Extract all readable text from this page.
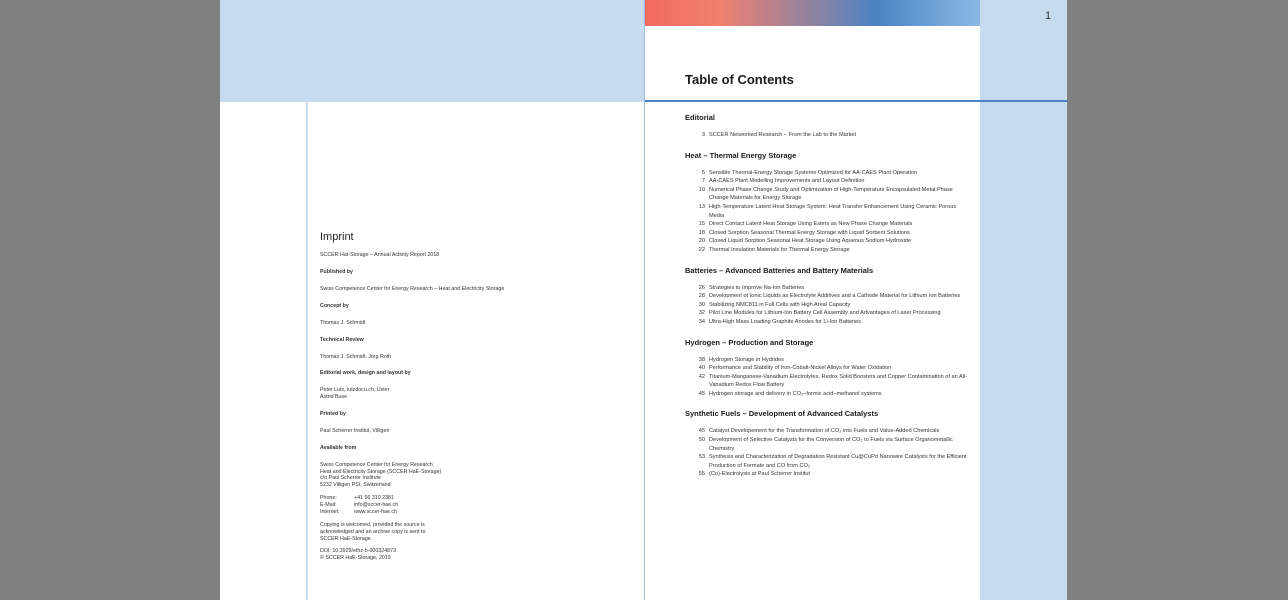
Imprint
SCCER Hat-Storage – Annual Activity Report 2018
Published by
Swiss Competence Center for Energy Research – Heat and Electricity Storage
Concept by
Thomas J. Schmidt
Technical Review
Thomas J. Schmidt, Jörg Roth
Editorial work, design and layout by
Peter Lutz, lutzdocu.ch, Uster
Astrid Buse
Printed by
Paul Scherrer Institut, Villigen
Available from
Swiss Competence Center for Energy Research
Heat and Electricity Storage (SCCER HaE-Storage)
c/o Paul Scherrer Institute
5232 Villigen PSI, Switzerland
Phone:	+41 56 310 2381
E-Mail:	info@sccer-hae.ch
Internet:	www.sccer-hae.ch
Copying is welcomed, provided the source is
acknowledged and an archive copy is sent to
SCCER HaE-Storage.
DOI: 10.3929/ethz-b-000324873
© SCCER HaE-Storage, 2019
1
Table of Contents
Editorial
3 SCCER Networked Research – From the Lab to the Market
Heat – Thermal Energy Storage
5 Sensible Thermal-Energy Storage Systems Optimized for AA-CAES Plant Operation
7 AA-CAES Plant Modelling Improvements and Layout Definition
10 Numerical Phase Change Study and Optimization of High-Temperature Encapsulated Metal Phase Change Materials for Energy Storage
13 High-Temperature Latent Heat Storage System: Heat Transfer Enhancement Using Ceramic Porous Media
15 Direct Contact Latent Heat Storage Using Esters as New Phase Change Materials
18 Closed Sorption Seasonal Thermal Energy Storage with Liquid Sorbent Solutions
20 Closed Liquid Sorption Seasonal Heat Storage Using Aqueous Sodium Hydroxide
22 Thermal Insulation Materials for Thermal Energy Storage
Batteries – Advanced Batteries and Battery Materials
26 Strategies to Improve Na-Ion Batteries
28 Development of Ionic Liquids as Electrolyte Additives and a Cathode Material for Lithium Ion Batteries
30 Stabilizing NMC811 in Full Cells with High Areal Capacity
32 Pilot Line Modules for Lithium-Ion Battery Cell Assembly and Advantages of Laser Processing
34 Ultra-High Mass Loading Graphite Anodes for Li-Ion Batteries
Hydrogen – Production and Storage
38 Hydrogen Storage in Hydrides
40 Performance and Stability of Iron-Cobalt-Nickel Alloys for Water Oxidation
42 Titanium-Manganese-Vanadium Electrolytes, Redox Solid Boosters and Copper Contamination of an All-Vanadium Redox Flow Battery
45 Hydrogen storage and delivery in CO₂–formic acid–methanol systems
Synthetic Fuels – Development of Advanced Catalysts
45 Catalyst Developement for the Transformation of CO₂ into Fuels and Value-Added Chemicals
50 Development of Selective Catalysts for the Conversion of CO₂ to Fuels via Surface Organometallic Chemistry
53 Synthesis and Characterization of Degradation Resistant Cu@CuPd Nanowire Catalysts for the Efficient Production of Formate and CO from CO₂
55 (Co)-Electrolysis at Paul Scherrer Institut
